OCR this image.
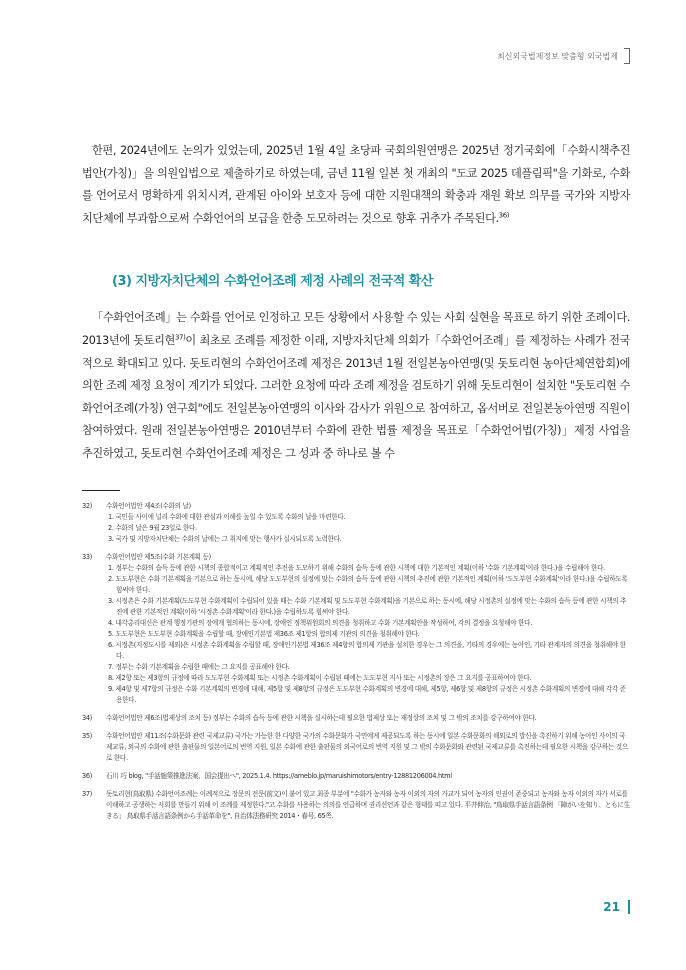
최신외국법제정보 맞춤형 외국법제

한편, 2024년에도 논의가 있었는데, 2025년 1월 4일 초당파 국회의원연맹은 2025년 정기국회에「수화시책추진법안(가칭)」을 의원입법으로 제출하기로 하였는데, 금년 11월 일본 첫 개최의 "도쿄 2025 데플림픽"을 기화로, 수화를 언어로서 명확하게 위치시켜, 관계된 아이와 보호자 등에 대한 지원대책의 확충과 재원 확보 의무를 국가와 지방자치단체에 부과함으로써 수화언어의 보급을 한층 도모하려는 것으로 향후 귀추가 주목된다.$^{36)}$

(3) 지방자치단체의 수화언어조례 제정 사례의 전국적 확산

「수화언어조례」는 수화를 언어로 인정하고 모든 상황에서 사용할 수 있는 사회 실현을 목표로 하기 위한 조례이다. 2013년에 돗토리현$^{37)}$이 최초로 조례를 제정한 이래, 지방자치단체 의회가「수화언어조례」를 제정하는 사례가 전국적으로 확대되고 있다. 돗토리현의 수화언어조례 제정은 2013년 1월 전일본농아연맹(및 돗토리현 농아단체연합회)에 의한 조례 제정 요청이 계기가 되었다. 그러한 요청에 따라 조례 제정을 검토하기 위해 돗토리현이 설치한 "돗토리현 수화언어조례(가칭) 연구회"에도 전일본농아연맹의 이사와 감사가 위원으로 참여하고, 옵서버로 전일본농아연맹 직원이 참여하였다. 원래 전일본농아연맹은 2010년부터 수화에 관한 법률 제정을 목표로「수화언어법(가칭)」제정 사업을 추진하였고, 돗토리현 수화언어조례 제정은 그 성과 중 하나로 볼 수

32) 수화언어법안 제4조(수화의 날)
1. 국민들 사이에 널리 수화에 대한 관심과 이해를 높일 수 있도록 수화의 날을 마련한다.
2. 수화의 날은 9월 23일로 한다.
3. 국가 및 지방자치단체는 수화의 날에는 그 취지에 맞는 행사가 실시되도록 노력한다.
33) 수화언어법안 제5조(수화 기본계획 등)
1. 정부는 수화의 습득 등에 관한 시책의 종합적이고 계획적인 추진을 도모하기 위해 수화의 습득 등에 관한 시책에 대한 기본적인 계획(이하 '수화 기본계획'이라 한다.)을 수립해야 한다.
2. 도도부현은 수화 기본계획을 기본으로 하는 동시에, 해당 도도부현의 실정에 맞는 수화의 습득 등에 관한 시책의 추진에 관한 기본적인 계획(이하 '도도부현 수화계획'이라 한다.)을 수립하도록 힘써야 한다.
3. 시정촌은 수화 기본계획(도도부현 수화계획이 수립되어 있을 때는 수화 기본계획 및 도도부현 수화계획)을 기본으로 하는 동시에, 해당 시정촌의 실정에 맞는 수화의 습득 등에 관한 시책의 추진에 관한 기본적인 계획(이하 '시정촌 수화계획'이라 한다.)을 수립하도록 힘써야 한다.
4. 내각총리대신은 관계 행정기관의 장에게 협의하는 동시에, 장애인 정책위원회의 의견을 청취하고 수화 기본계획안을 작성하여, 각의 결정을 요청해야 한다.
5. 도도부현은 도도부현 수화계획을 수립할 때, 장애인기본법 제36조 제1항의 합의제 기관의 의견을 청취해야 한다.
6. 시정촌(지정도시를 제외)은 시정촌 수화계획을 수립할 때, 장애인기본법 제36조 제4항의 합의제 기관을 설치한 경우는 그 의견을, 기타의 경우에는 농아인, 기타 관계자의 의견을 청취해야 한다.
7. 정부는 수화 기본계획을 수립한 때에는 그 요지를 공표해야 한다.
8. 제2항 또는 제3항의 규정에 따라 도도부현 수화계획 또는 시정촌 수화계획이 수립된 때에는 도도부현 지사 또는 시정촌의 장은 그 요지를 공표하여야 한다.
9. 제4항 및 제7항의 규정은 수화 기본계획의 변경에 대해, 제5항 및 제8항의 규정은 도도부현 수화계획의 변경에 대해, 제5항, 제6항 및 제8항의 규정은 시정촌 수화계획의 변경에 대해 각각 준용한다.
34) 수화언어법안 제6조(법제상의 조치 등) 정부는 수화의 습득 등에 관한 시책을 실시하는데 필요한 법제상 또는 재정상의 조치 및 그 밖의 조치를 강구하여야 한다.
35) 수화언어법안 제11조(수화문화 관련 국제교류) 국가는 가능한 한 다양한 국가의 수화문화가 국민에게 제공되도록 하는 동시에 일본 수화문화의 해외로의 발신을 촉진하기 위해 농아인 사이의 국제교류, 외국의 수화에 관한 출판물의 일본어로의 번역 지원, 일본 수화에 관한 출판물의 외국어로의 번역 지원 및 그 밖의 수화문화와 관련된 국제교류를 촉진하는데 필요한 시책을 강구하는 것으로 한다.
36) 石川 巧 blog, "手話施策推進法案、国会提出へ", 2025.1.4. https://ameblo.jp/maruishimotors/entry-12881206004.html
37) 돗토리현(鳥取県) 수화언어조례는 이례적으로 장문의 전문(前文)이 붙어 있고 최종 부분에 "수화가 농자와 농자 이외의 자의 가교가 되어 농자의 인권이 존중되고 농자와 농자 이외의 자가 서로를 이해하고 공생하는 사회를 만들기 위해 이 조례를 제정한다."고 수화를 사용하는 의의를 언급하며 권리선언과 같은 형태를 띠고 있다. 平井伸治, "鳥取県手話言語条例 「障がいを知り、ともに生きる」 鳥取県手話言語条例から手話革命を", 自治体法務研究 2014・春号, 65쪽.
21
